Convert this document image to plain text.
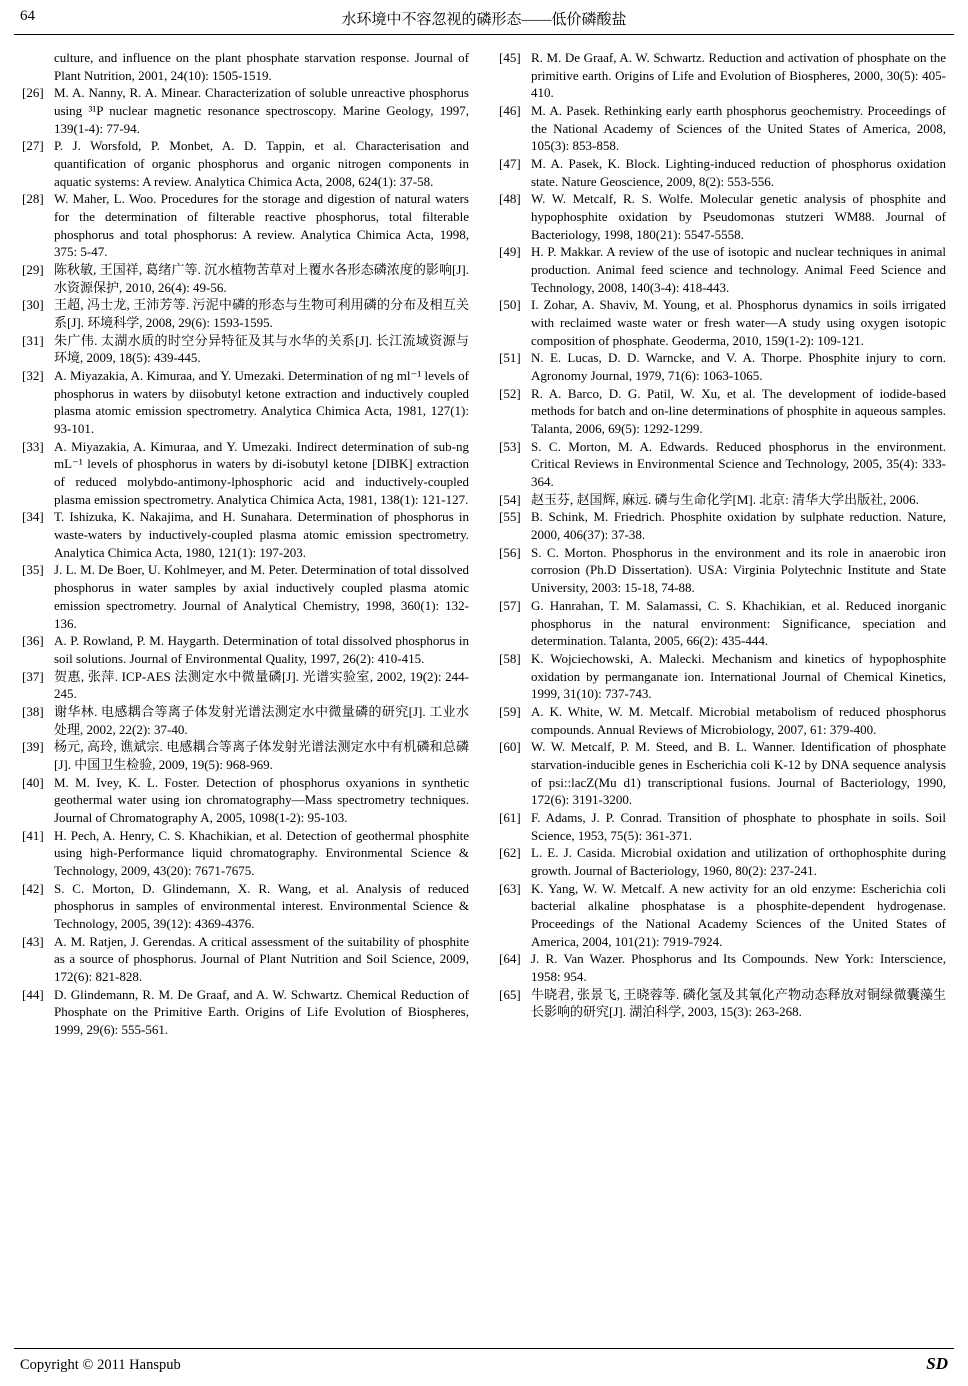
64	水环境中不容忽视的磷形态——低价磷酸盐
culture, and influence on the plant phosphate starvation response. Journal of Plant Nutrition, 2001, 24(10): 1505-1519.
[26] M. A. Nanny, R. A. Minear. Characterization of soluble unreactive phosphorus using ³¹P nuclear magnetic resonance spectroscopy. Marine Geology, 1997, 139(1-4): 77-94.
[27] P. J. Worsfold, P. Monbet, A. D. Tappin, et al. Characterisation and quantification of organic phosphorus and organic nitrogen components in aquatic systems: A review. Analytica Chimica Acta, 2008, 624(1): 37-58.
[28] W. Maher, L. Woo. Procedures for the storage and digestion of natural waters for the determination of filterable reactive phosphorus, total filterable phosphorus and total phosphorus: A review. Analytica Chimica Acta, 1998, 375: 5-47.
[29] 陈秋敏, 王国祥, 葛绪广等. 沉水植物苦草对上覆水各形态磷浓度的影响[J]. 水资源保护, 2010, 26(4): 49-56.
[30] 王超, 冯士龙, 王沛芳等. 污泥中磷的形态与生物可利用磷的分布及相互关系[J]. 环境科学, 2008, 29(6): 1593-1595.
[31] 朱广伟. 太湖水质的时空分异特征及其与水华的关系[J]. 长江流域资源与环境, 2009, 18(5): 439-445.
[32] A. Miyazakia, A. Kimuraa, and Y. Umezaki. Determination of ng ml⁻¹ levels of phosphorus in waters by diisobutyl ketone extraction and inductively coupled plasma atomic emission spectrometry. Analytica Chimica Acta, 1981, 127(1): 93-101.
[33] A. Miyazakia, A. Kimuraa, and Y. Umezaki. Indirect determination of sub-ng mL⁻¹ levels of phosphorus in waters by di-isobutyl ketone [DIBK] extraction of reduced molybdo-antimony-lphosphoric acid and inductively-coupled plasma emission spectrometry. Analytica Chimica Acta, 1981, 138(1): 121-127.
[34] T. Ishizuka, K. Nakajima, and H. Sunahara. Determination of phosphorus in waste-waters by inductively-coupled plasma atomic emission spectrometry. Analytica Chimica Acta, 1980, 121(1): 197-203.
[35] J. L. M. De Boer, U. Kohlmeyer, and M. Peter. Determination of total dissolved phosphorus in water samples by axial inductively coupled plasma atomic emission spectrometry. Journal of Analytical Chemistry, 1998, 360(1): 132-136.
[36] A. P. Rowland, P. M. Haygarth. Determination of total dissolved phosphorus in soil solutions. Journal of Environmental Quality, 1997, 26(2): 410-415.
[37] 贺惠, 张萍. ICP-AES 法测定水中微量磷[J]. 光谱实验室, 2002, 19(2): 244-245.
[38] 谢华林. 电感耦合等离子体发射光谱法测定水中微量磷的研究[J]. 工业水处理, 2002, 22(2): 37-40.
[39] 杨元, 高玲, 谯斌宗. 电感耦合等离子体发射光谱法测定水中有机磷和总磷[J]. 中国卫生检验, 2009, 19(5): 968-969.
[40] M. M. Ivey, K. L. Foster. Detection of phosphorus oxyanions in synthetic geothermal water using ion chromatography—Mass spectrometry techniques. Journal of Chromatography A, 2005, 1098(1-2): 95-103.
[41] H. Pech, A. Henry, C. S. Khachikian, et al. Detection of geothermal phosphite using high-Performance liquid chromatography. Environmental Science & Technology, 2009, 43(20): 7671-7675.
[42] S. C. Morton, D. Glindemann, X. R. Wang, et al. Analysis of reduced phosphorus in samples of environmental interest. Environmental Science & Technology, 2005, 39(12): 4369-4376.
[43] A. M. Ratjen, J. Gerendas. A critical assessment of the suitability of phosphite as a source of phosphorus. Journal of Plant Nutrition and Soil Science, 2009, 172(6): 821-828.
[44] D. Glindemann, R. M. De Graaf, and A. W. Schwartz. Chemical Reduction of Phosphate on the Primitive Earth. Origins of Life Evolution of Biospheres, 1999, 29(6): 555-561.
[45] R. M. De Graaf, A. W. Schwartz. Reduction and activation of phosphate on the primitive earth. Origins of Life and Evolution of Biospheres, 2000, 30(5): 405-410.
[46] M. A. Pasek. Rethinking early earth phosphorus geochemistry. Proceedings of the National Academy of Sciences of the United States of America, 2008, 105(3): 853-858.
[47] M. A. Pasek, K. Block. Lighting-induced reduction of phosphorus oxidation state. Nature Geoscience, 2009, 8(2): 553-556.
[48] W. W. Metcalf, R. S. Wolfe. Molecular genetic analysis of phosphite and hypophosphite oxidation by Pseudomonas stutzeri WM88. Journal of Bacteriology, 1998, 180(21): 5547-5558.
[49] H. P. Makkar. A review of the use of isotopic and nuclear techniques in animal production. Animal feed science and technology. Animal Feed Science and Technology, 2008, 140(3-4): 418-443.
[50] I. Zohar, A. Shaviv, M. Young, et al. Phosphorus dynamics in soils irrigated with reclaimed waste water or fresh water—A study using oxygen isotopic composition of phosphate. Geoderma, 2010, 159(1-2): 109-121.
[51] N. E. Lucas, D. D. Warncke, and V. A. Thorpe. Phosphite injury to corn. Agronomy Journal, 1979, 71(6): 1063-1065.
[52] R. A. Barco, D. G. Patil, W. Xu, et al. The development of iodide-based methods for batch and on-line determinations of phosphite in aqueous samples. Talanta, 2006, 69(5): 1292-1299.
[53] S. C. Morton, M. A. Edwards. Reduced phosphorus in the environment. Critical Reviews in Environmental Science and Technology, 2005, 35(4): 333-364.
[54] 赵玉芬, 赵国辉, 麻远. 磷与生命化学[M]. 北京: 清华大学出版社, 2006.
[55] B. Schink, M. Friedrich. Phosphite oxidation by sulphate reduction. Nature, 2000, 406(37): 37-38.
[56] S. C. Morton. Phosphorus in the environment and its role in anaerobic iron corrosion (Ph.D Dissertation). USA: Virginia Polytechnic Institute and State University, 2003: 15-18, 74-88.
[57] G. Hanrahan, T. M. Salamassi, C. S. Khachikian, et al. Reduced inorganic phosphorus in the natural environment: Significance, speciation and determination. Talanta, 2005, 66(2): 435-444.
[58] K. Wojciechowski, A. Malecki. Mechanism and kinetics of hypophosphite oxidation by permanganate ion. International Journal of Chemical Kinetics, 1999, 31(10): 737-743.
[59] A. K. White, W. M. Metcalf. Microbial metabolism of reduced phosphorus compounds. Annual Reviews of Microbiology, 2007, 61: 379-400.
[60] W. W. Metcalf, P. M. Steed, and B. L. Wanner. Identification of phosphate starvation-inducible genes in Escherichia coli K-12 by DNA sequence analysis of psi::lacZ(Mu d1) transcriptional fusions. Journal of Bacteriology, 1990, 172(6): 3191-3200.
[61] F. Adams, J. P. Conrad. Transition of phosphate to phosphate in soils. Soil Science, 1953, 75(5): 361-371.
[62] L. E. J. Casida. Microbial oxidation and utilization of orthophosphite during growth. Journal of Bacteriology, 1960, 80(2): 237-241.
[63] K. Yang, W. W. Metcalf. A new activity for an old enzyme: Escherichia coli bacterial alkaline phosphatase is a phosphite-dependent hydrogenase. Proceedings of the National Academy Sciences of the United States of America, 2004, 101(21): 7919-7924.
[64] J. R. Van Wazer. Phosphorus and Its Compounds. New York: Interscience, 1958: 954.
[65] 牛晓君, 张景飞, 王晓蓉等. 磷化氢及其氧化产物动态释放对铜绿微囊藻生长影响的研究[J]. 湖泊科学, 2003, 15(3): 263-268.
Copyright © 2011 Hanspub	SD
